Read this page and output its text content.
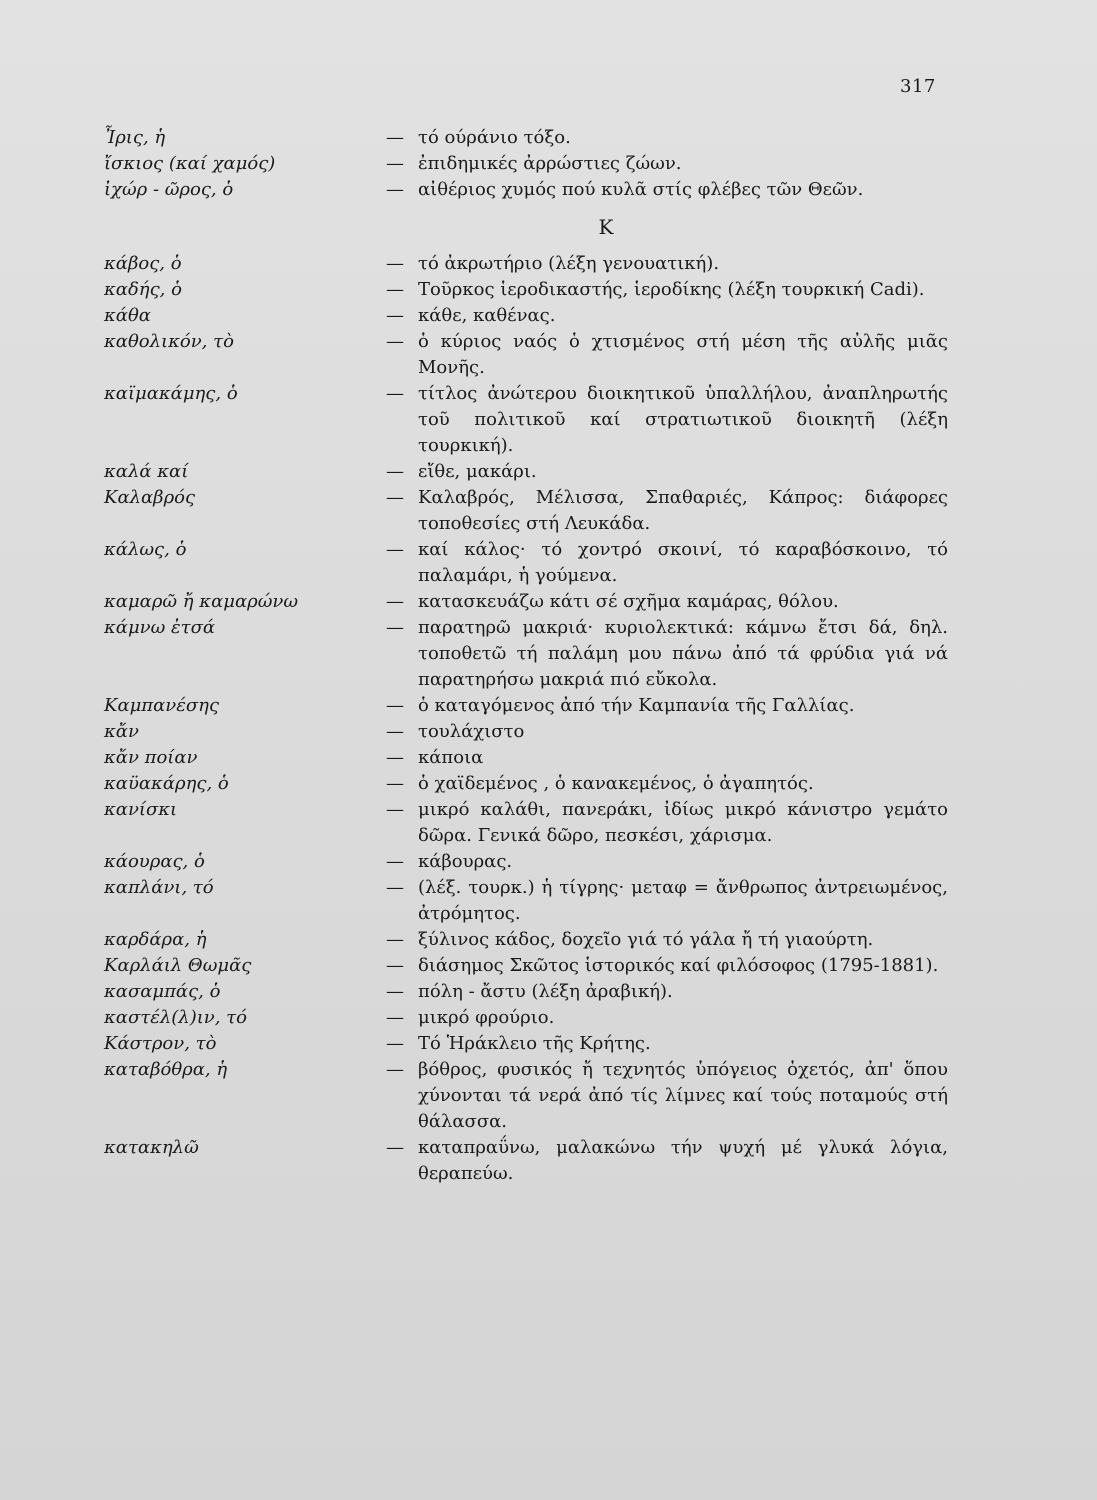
317
Ἶρις, ἡ	— τό ούράνιο τόξο.
ἴσκιος (καί χαμός)	— ἐπιδημικές ἀρρώστιες ζώων.
ἰχώρ - ῶρος, ὁ	— αἰθέριος χυμός πού κυλᾶ στίς φλέβες τῶν Θεῶν.
Κ
κάβος, ὁ	— τό ἀκρωτήριο (λέξη γενουατική).
καδής, ὁ	— Τοῦρκος ἱεροδικαστής, ἱεροδίκης (λέξη τουρκική Cadi).
κάθα	— κάθε, καθένας.
καθολικόν, τὸ	— ὁ κύριος ναός ὁ χτισμένος στή μέση τῆς αὐλῆς μιᾶς Μονῆς.
καϊμακάμης, ὁ	— τίτλος ἀνώτερου διοικητικοῦ ὑπαλλήλου, ἀναπληρωτής τοῦ πολιτικοῦ καί στρατιωτικοῦ διοικητῆ (λέξη τουρκική).
καλά καί	— εἴθε, μακάρι.
Καλαβρός	— Καλαβρός, Μέλισσα, Σπαθαριές, Κάπρος: διάφορες τοποθεσίες στή Λευκάδα.
κάλως, ὁ	— καί κάλος· τό χοντρό σκοινί, τό καραβόσκοινο, τό παλαμάρι, ἡ γούμενα.
καμαρῶ ἤ καμαρώνω	— κατασκευάζω κάτι σέ σχῆμα καμάρας, θόλου.
κάμνω ἐτσά	— παρατηρῶ μακριά· κυριολεκτικά: κάμνω ἔτσι δά, δηλ. τοποθετῶ τή παλάμη μου πάνω ἀπό τά φρύδια γιά νά παρατηρήσω μακριά πιό εὔκολα.
Καμπανέσης	— ὁ καταγόμενος ἀπό τήν Καμπανία τῆς Γαλλίας.
κἄν	— τουλάχιστο
κἄν ποίαν	— κάποια
καϋακάρης, ὁ	— ὁ χαϊδεμένος , ὁ κανακεμένος, ὁ ἀγαπητός.
κανίσκι	— μικρό καλάθι, πανεράκι, ἰδίως μικρό κάνιστρο γεμάτο δῶρα. Γενικά δῶρο, πεσκέσι, χάρισμα.
κάουρας, ὁ	— κάβουρας.
καπλάνι, τό	— (λέξ. τουρκ.) ἡ τίγρης· μεταφ = ἄνθρωπος ἀντρειωμένος, ἀτρόμητος.
καρδάρα, ἡ	— ξύλινος κάδος, δοχεῖο γιά τό γάλα ἤ τή γιαούρτη.
Καρλάιλ Θωμᾶς	— διάσημος Σκῶτος ἱστορικός καί φιλόσοφος (1795-1881).
κασαμπάς, ὁ	— πόλη - ἄστυ (λέξη ἀραβική).
καστέλ(λ)ιν, τό	— μικρό φρούριο.
Κάστρον, τὸ	— Τό Ἡράκλειο τῆς Κρήτης.
καταβόθρα, ἡ	— βόθρος, φυσικός ἤ τεχνητός ὑπόγειος ὀχετός, ἀπ' ὅπου χύνονται τά νερά ἀπό τίς λίμνες καί τούς ποταμούς στή θάλασσα.
κατακηλῶ	— καταπραΰνω, μαλακώνω τήν ψυχή μέ γλυκά λόγια, θεραπεύω.
